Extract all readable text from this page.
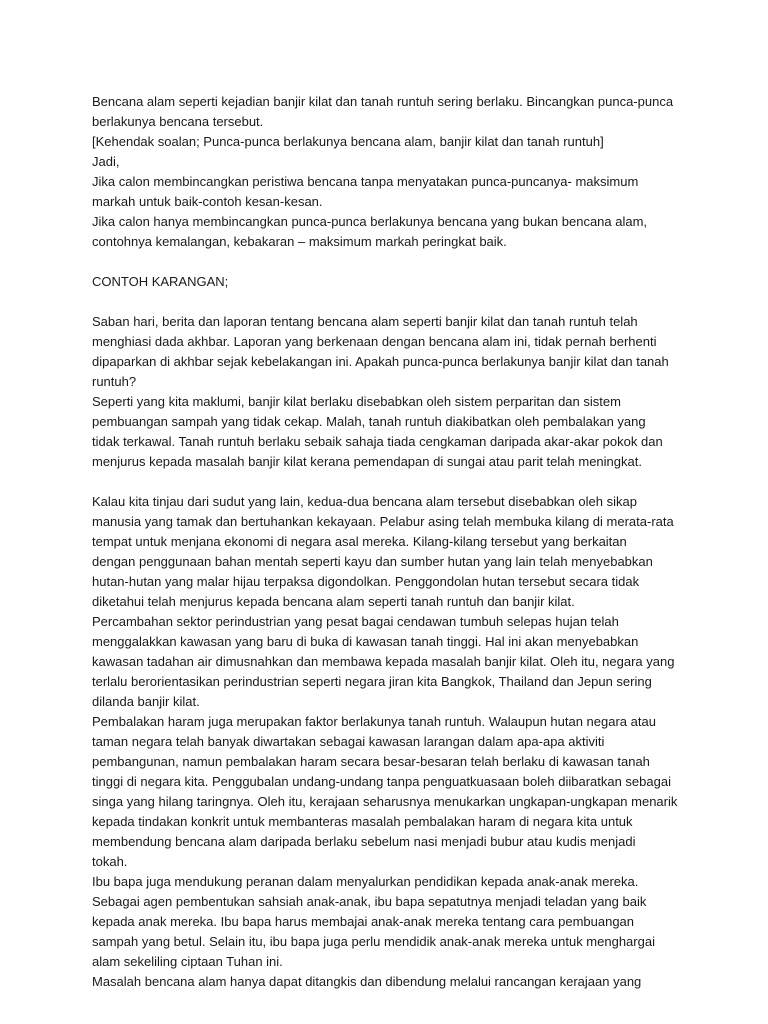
Bencana alam seperti kejadian banjir kilat dan tanah runtuh sering berlaku. Bincangkan punca-punca
berlakunya bencana tersebut.
[Kehendak soalan; Punca-punca berlakunya bencana alam, banjir kilat dan tanah runtuh]
Jadi,
Jika calon membincangkan peristiwa bencana tanpa menyatakan punca-puncanya- maksimum
markah untuk baik-contoh kesan-kesan.
Jika calon hanya membincangkan punca-punca berlakunya bencana yang bukan bencana alam,
contohnya kemalangan, kebakaran – maksimum markah peringkat baik.
CONTOH KARANGAN;
Saban hari, berita dan laporan tentang bencana alam seperti banjir kilat dan tanah runtuh telah
menghiasi dada akhbar. Laporan yang berkenaan dengan bencana alam ini, tidak pernah berhenti
dipaparkan di akhbar sejak kebelakangan ini. Apakah punca-punca berlakunya banjir kilat dan tanah
runtuh?
Seperti yang kita maklumi, banjir kilat berlaku disebabkan oleh sistem perparitan dan sistem
pembuangan sampah yang tidak cekap. Malah, tanah runtuh diakibatkan oleh pembalakan yang
tidak terkawal. Tanah runtuh berlaku sebaik sahaja tiada cengkaman daripada akar-akar pokok dan
menjurus kepada masalah banjir kilat kerana pemendapan di sungai atau parit telah meningkat.
Kalau kita tinjau dari sudut yang lain, kedua-dua bencana alam tersebut disebabkan oleh sikap
manusia yang tamak dan bertuhankan kekayaan. Pelabur asing telah membuka kilang di merata-rata
tempat untuk menjana ekonomi di negara asal mereka. Kilang-kilang tersebut yang berkaitan
dengan penggunaan bahan mentah seperti kayu dan sumber hutan yang lain telah menyebabkan
hutan-hutan yang malar hijau terpaksa digondolkan. Penggondolan hutan tersebut secara tidak
diketahui telah menjurus kepada bencana alam seperti tanah runtuh dan banjir kilat.
Percambahan sektor perindustrian yang pesat bagai cendawan tumbuh selepas hujan telah
menggalakkan kawasan yang baru di buka di kawasan tanah tinggi. Hal ini akan menyebabkan
kawasan tadahan air dimusnahkan dan membawa kepada masalah banjir kilat. Oleh itu, negara yang
terlalu berorientasikan perindustrian seperti negara jiran kita Bangkok, Thailand dan Jepun sering
dilanda banjir kilat.
Pembalakan haram juga merupakan faktor berlakunya tanah runtuh. Walaupun hutan negara atau
taman negara telah banyak diwartakan sebagai kawasan larangan dalam apa-apa aktiviti
pembangunan, namun pembalakan haram secara besar-besaran telah berlaku di kawasan tanah
tinggi di negara kita. Penggubalan undang-undang tanpa penguatkuasaan boleh diibaratkan sebagai
singa yang hilang taringnya. Oleh itu, kerajaan seharusnya menukarkan ungkapan-ungkapan menarik
kepada tindakan konkrit untuk membanteras masalah pembalakan haram di negara kita untuk
membendung bencana alam daripada berlaku sebelum nasi menjadi bubur atau kudis menjadi
tokah.
Ibu bapa juga mendukung peranan dalam menyalurkan pendidikan kepada anak-anak mereka.
Sebagai agen pembentukan sahsiah anak-anak, ibu bapa sepatutnya menjadi teladan yang baik
kepada anak mereka. Ibu bapa harus membajai anak-anak mereka tentang cara pembuangan
sampah yang betul. Selain itu, ibu bapa juga perlu mendidik anak-anak mereka untuk menghargai
alam sekeliling ciptaan Tuhan ini.
Masalah bencana alam hanya dapat ditangkis dan dibendung melalui rancangan kerajaan yang
